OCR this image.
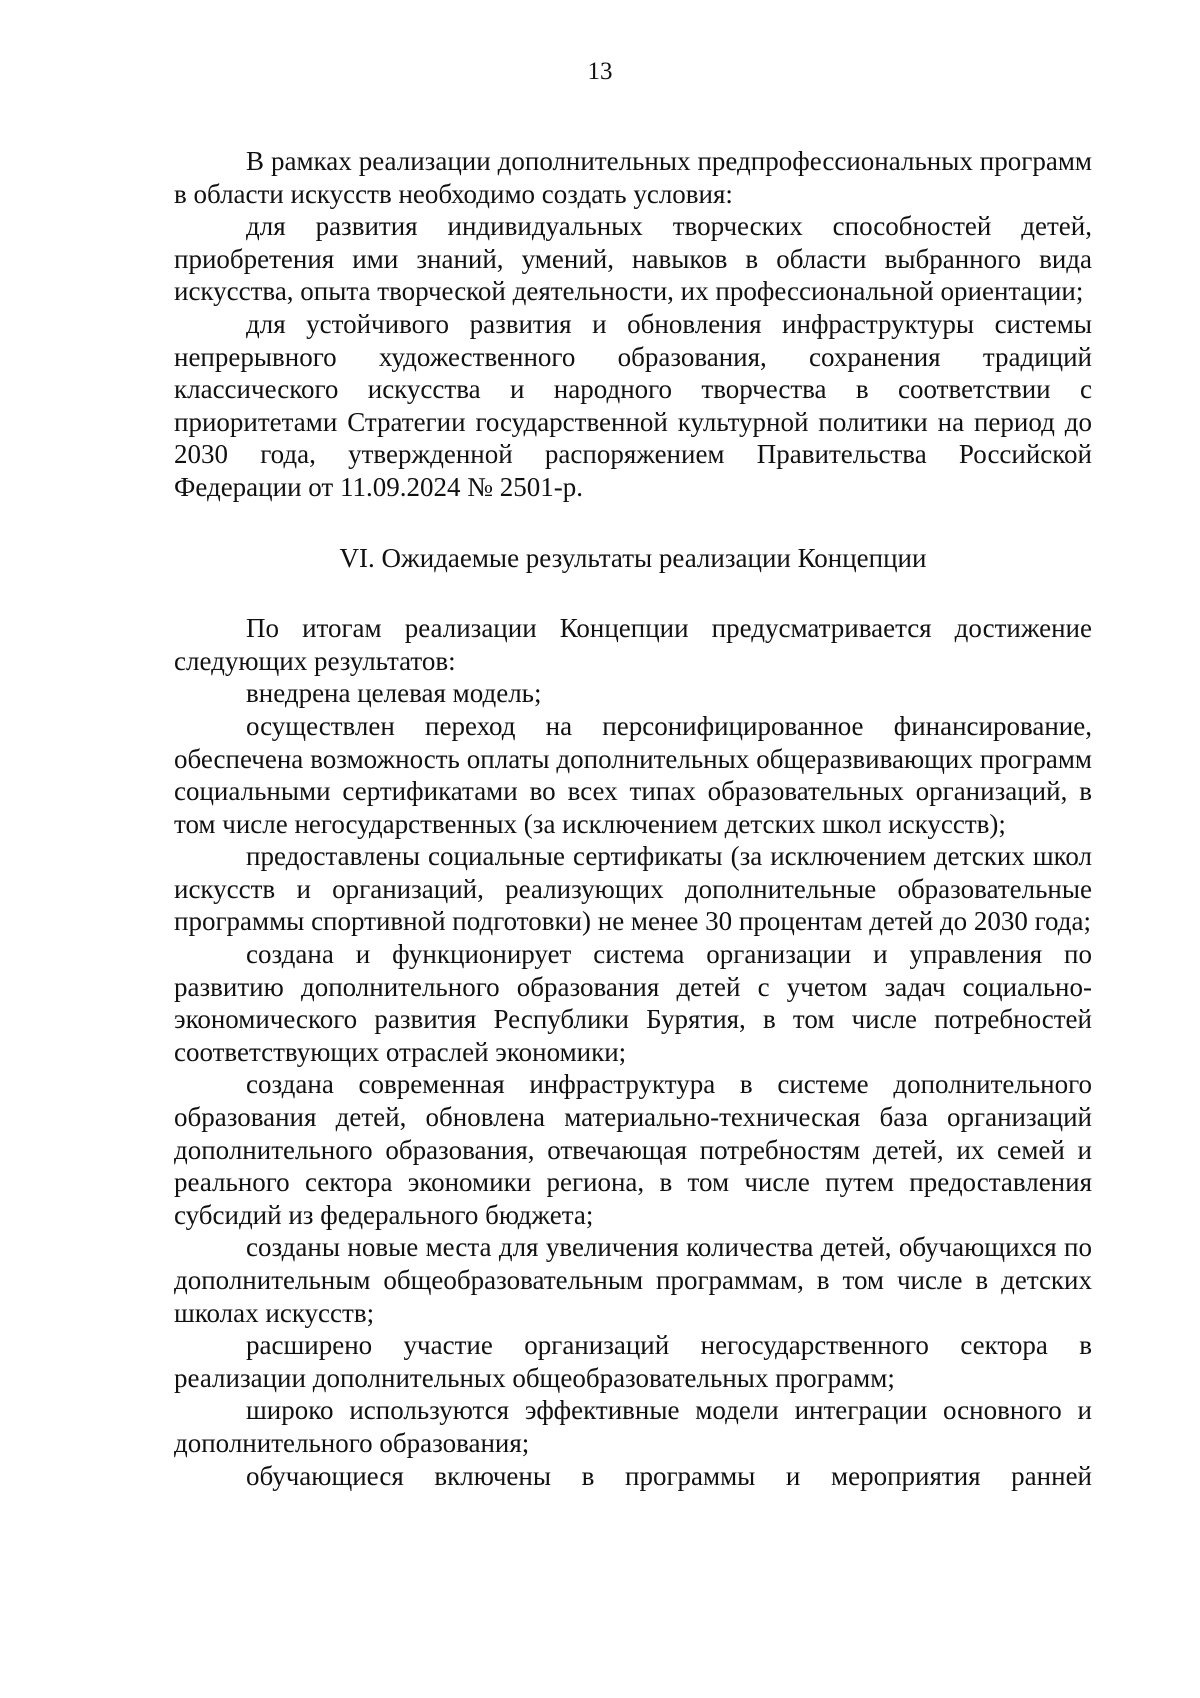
13

В рамках реализации дополнительных предпрофессиональных программ в области искусств необходимо создать условия:

для развития индивидуальных творческих способностей детей, приобретения ими знаний, умений, навыков в области выбранного вида искусства, опыта творческой деятельности, их профессиональной ориентации;

для устойчивого развития и обновления инфраструктуры системы непрерывного художественного образования, сохранения традиций классического искусства и народного творчества в соответствии с приоритетами Стратегии государственной культурной политики на период до 2030 года, утвержденной распоряжением Правительства Российской Федерации от 11.09.2024 № 2501-р.

VI. Ожидаемые результаты реализации Концепции

По итогам реализации Концепции предусматривается достижение следующих результатов:

внедрена целевая модель;

осуществлен переход на персонифицированное финансирование, обеспечена возможность оплаты дополнительных общеразвивающих программ социальными сертификатами во всех типах образовательных организаций, в том числе негосударственных (за исключением детских школ искусств);

предоставлены социальные сертификаты (за исключением детских школ искусств и организаций, реализующих дополнительные образовательные программы спортивной подготовки) не менее 30 процентам детей до 2030 года;

создана и функционирует система организации и управления по развитию дополнительного образования детей с учетом задач социально-экономического развития Республики Бурятия, в том числе потребностей соответствующих отраслей экономики;

создана современная инфраструктура в системе дополнительного образования детей, обновлена материально-техническая база организаций дополнительного образования, отвечающая потребностям детей, их семей и реального сектора экономики региона, в том числе путем предоставления субсидий из федерального бюджета;

созданы новые места для увеличения количества детей, обучающихся по дополнительным общеобразовательным программам, в том числе в детских школах искусств;

расширено участие организаций негосударственного сектора в реализации дополнительных общеобразовательных программ;

широко используются эффективные модели интеграции основного и дополнительного образования;

обучающиеся включены в программы и мероприятия ранней
